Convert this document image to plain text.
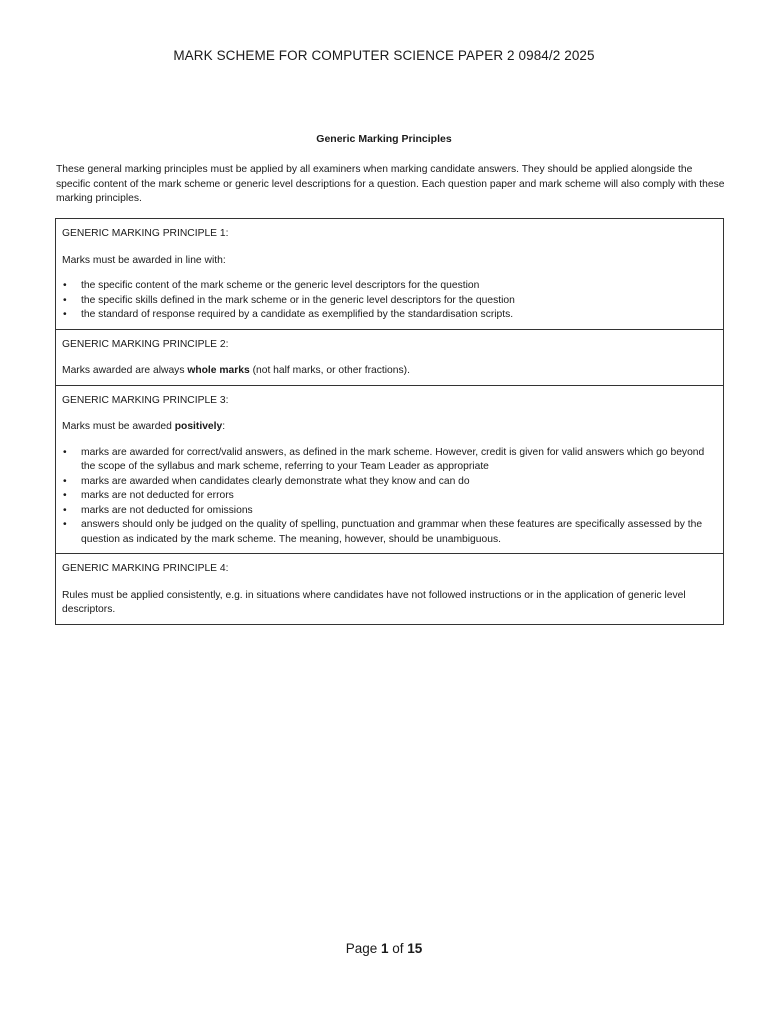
MARK SCHEME FOR COMPUTER SCIENCE PAPER 2 0984/2 2025
Generic Marking Principles
These general marking principles must be applied by all examiners when marking candidate answers. They should be applied alongside the specific content of the mark scheme or generic level descriptions for a question. Each question paper and mark scheme will also comply with these marking principles.
GENERIC MARKING PRINCIPLE 1:

Marks must be awarded in line with:

• the specific content of the mark scheme or the generic level descriptors for the question
• the specific skills defined in the mark scheme or in the generic level descriptors for the question
• the standard of response required by a candidate as exemplified by the standardisation scripts.
GENERIC MARKING PRINCIPLE 2:

Marks awarded are always whole marks (not half marks, or other fractions).

GENERIC MARKING PRINCIPLE 3:

Marks must be awarded positively:

• marks are awarded for correct/valid answers, as defined in the mark scheme. However, credit is given for valid answers which go beyond the scope of the syllabus and mark scheme, referring to your Team Leader as appropriate
• marks are awarded when candidates clearly demonstrate what they know and can do
• marks are not deducted for errors
• marks are not deducted for omissions
• answers should only be judged on the quality of spelling, punctuation and grammar when these features are specifically assessed by the question as indicated by the mark scheme. The meaning, however, should be unambiguous.
GENERIC MARKING PRINCIPLE 4:

Rules must be applied consistently, e.g. in situations where candidates have not followed instructions or in the application of generic level descriptors.

Page 1 of 15
